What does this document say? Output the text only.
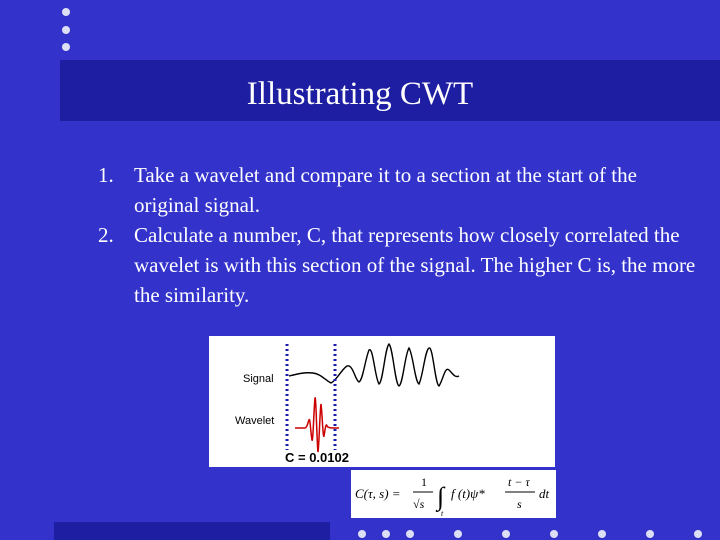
Illustrating CWT
1. Take a wavelet and compare it to a section at the start of the original signal.
2. Calculate a number, C, that represents how closely correlated the wavelet is with this section of the signal. The higher C is, the more the similarity.
Signal
Wavelet
C = 0.0102
C(τ, s) =
1
√s ∫
t
f (t)ψ*
t − τ
s
dt
